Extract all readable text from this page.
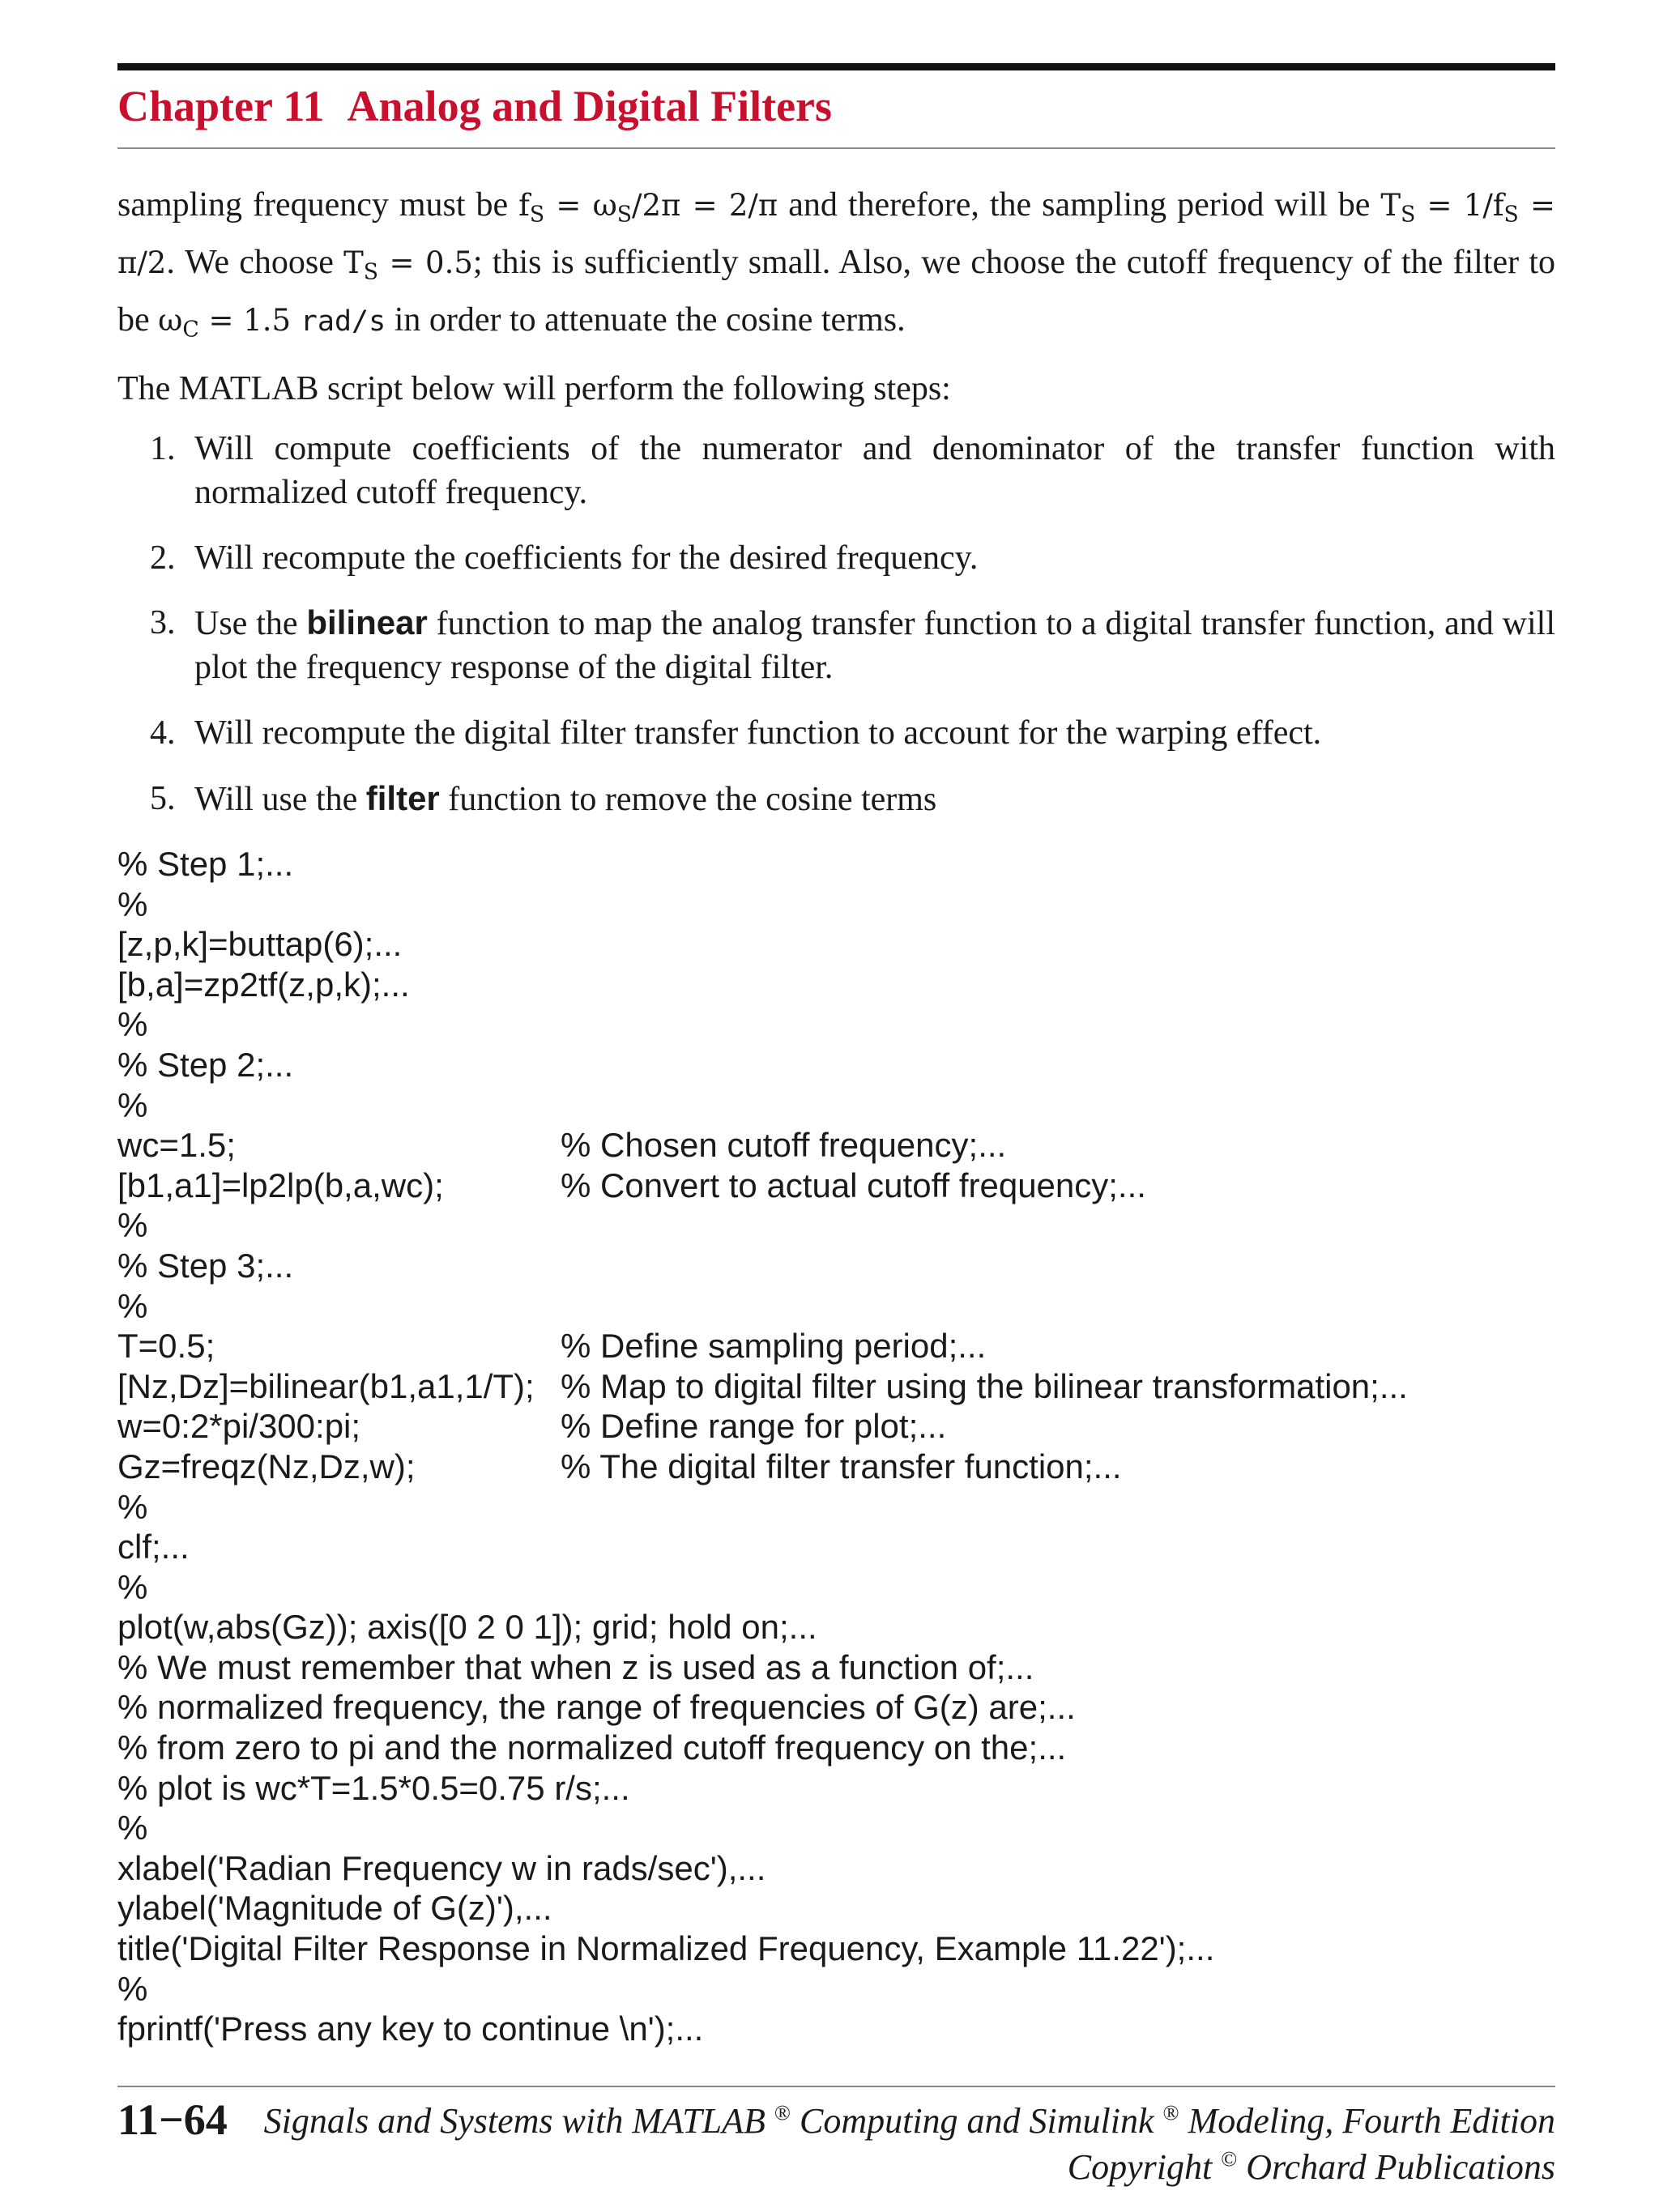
Chapter 11 Analog and Digital Filters
sampling frequency must be $f_S = \omega_S/2\pi = 2/\pi$ and therefore, the sampling period will be $T_S = 1/f_S = \pi/2$. We choose $T_S = 0.5$; this is sufficiently small. Also, we choose the cutoff frequency of the filter to be $\omega_C = 1.5$ rad/s in order to attenuate the cosine terms.
The MATLAB script below will perform the following steps:
1. Will compute coefficients of the numerator and denominator of the transfer function with normalized cutoff frequency.
2. Will recompute the coefficients for the desired frequency.
3. Use the bilinear function to map the analog transfer function to a digital transfer function, and will plot the frequency response of the digital filter.
4. Will recompute the digital filter transfer function to account for the warping effect.
5. Will use the filter function to remove the cosine terms
% Step 1;...
%
[z,p,k]=buttap(6);...
[b,a]=zp2tf(z,p,k);...
%
% Step 2;...
%
wc=1.5;	% Chosen cutoff frequency;...
[b1,a1]=lp2lp(b,a,wc);	% Convert to actual cutoff frequency;...
%
% Step 3;...
%
T=0.5;	% Define sampling period;...
[Nz,Dz]=bilinear(b1,a1,1/T); % Map to digital filter using the bilinear transformation;...
w=0:2*pi/300:pi;	% Define range for plot;...
Gz=freqz(Nz,Dz,w);	% The digital filter transfer function;...
%
clf;...
%
plot(w,abs(Gz)); axis([0 2 0 1]); grid; hold on;...
% We must remember that when z is used as a function of;...
% normalized frequency, the range of frequencies of G(z) are;...
% from zero to pi and the normalized cutoff frequency on the;...
% plot is wc*T=1.5*0.5=0.75 r/s;...
%
xlabel('Radian Frequency w in rads/sec'),...
ylabel('Magnitude of G(z)'),...
title('Digital Filter Response in Normalized Frequency, Example 11.22');...
%
fprintf('Press any key to continue \n');...
11−64 Signals and Systems with MATLAB ® Computing and Simulink ® Modeling, Fourth Edition
Copyright © Orchard Publications
